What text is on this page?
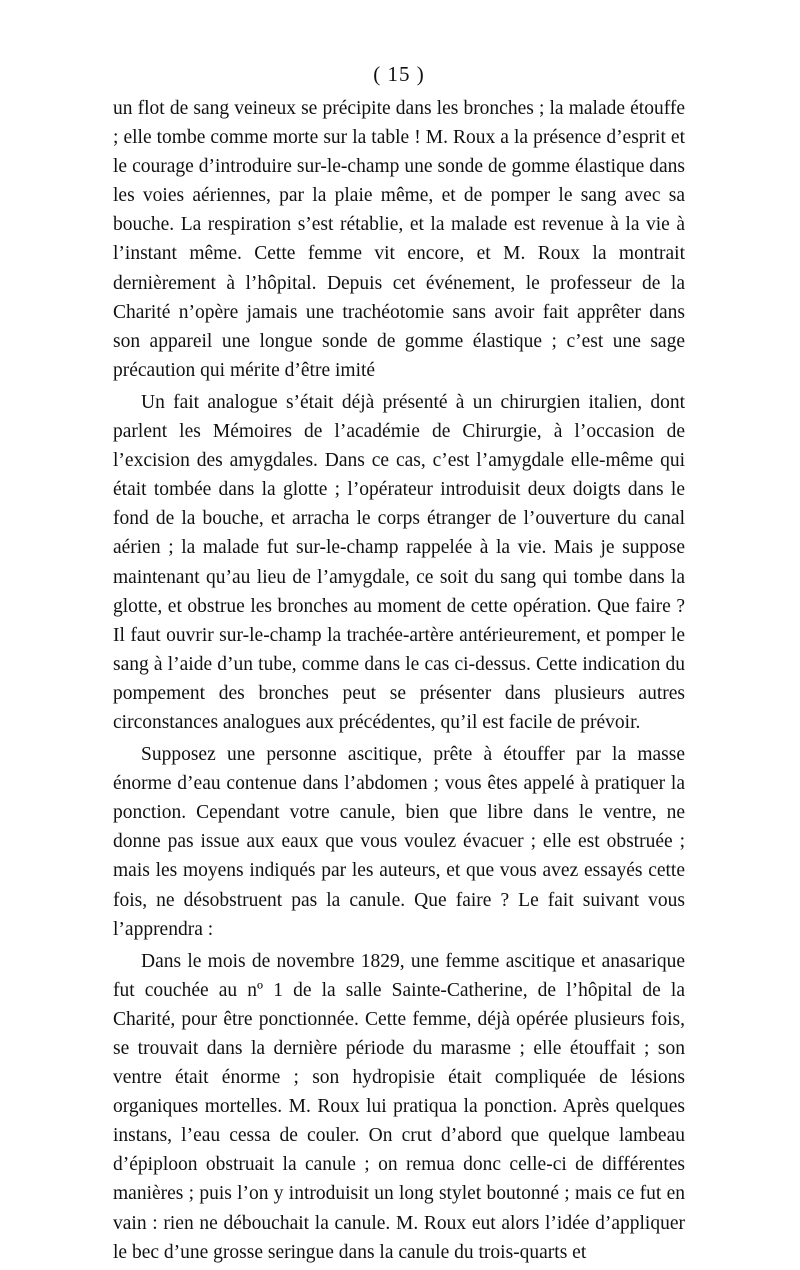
( 15 )

un flot de sang veineux se précipite dans les bronches ; la malade étouffe ; elle tombe comme morte sur la table ! M. Roux a la présence d’esprit et le courage d’introduire sur-le-champ une sonde de gomme élastique dans les voies aériennes, par la plaie même, et de pomper le sang avec sa bouche. La respiration s’est rétablie, et la malade est revenue à la vie à l’instant même. Cette femme vit encore, et M. Roux la montrait dernièrement à l’hôpital. Depuis cet événement, le professeur de la Charité n’opère jamais une trachéotomie sans avoir fait apprêter dans son appareil une longue sonde de gomme élastique ; c’est une sage précaution qui mérite d’être imité

Un fait analogue s’était déjà présenté à un chirurgien italien, dont parlent les Mémoires de l’académie de Chirurgie, à l’occasion de l’excision des amygdales. Dans ce cas, c’est l’amygdale elle-même qui était tombée dans la glotte ; l’opérateur introduisit deux doigts dans le fond de la bouche, et arracha le corps étranger de l’ouverture du canal aérien ; la malade fut sur-le-champ rappelée à la vie. Mais je suppose maintenant qu’au lieu de l’amygdale, ce soit du sang qui tombe dans la glotte, et obstrue les bronches au moment de cette opération. Que faire ? Il faut ouvrir sur-le-champ la trachée-artère antérieurement, et pomper le sang à l’aide d’un tube, comme dans le cas ci-dessus. Cette indication du pompement des bronches peut se présenter dans plusieurs autres circonstances analogues aux précédentes, qu’il est facile de prévoir.

Supposez une personne ascitique, prête à étouffer par la masse énorme d’eau contenue dans l’abdomen ; vous êtes appelé à pratiquer la ponction. Cependant votre canule, bien que libre dans le ventre, ne donne pas issue aux eaux que vous voulez évacuer ; elle est obstruée ; mais les moyens indiqués par les auteurs, et que vous avez essayés cette fois, ne désobstruent pas la canule. Que faire ? Le fait suivant vous l’apprendra :

Dans le mois de novembre 1829, une femme ascitique et anasarique fut couchée au nº 1 de la salle Sainte-Catherine, de l’hôpital de la Charité, pour être ponctionnée. Cette femme, déjà opérée plusieurs fois, se trouvait dans la dernière période du marasme ; elle étouffait ; son ventre était énorme ; son hydropisie était compliquée de lésions organiques mortelles. M. Roux lui pratiqua la ponction. Après quelques instans, l’eau cessa de couler. On crut d’abord que quelque lambeau d’épiploon obstruait la canule ; on remua donc celle-ci de différentes manières ; puis l’on y introduisit un long stylet boutonné ; mais ce fut en vain : rien ne débouchait la canule. M. Roux eut alors l’idée d’appliquer le bec d’une grosse seringue dans la canule du trois-quarts et
